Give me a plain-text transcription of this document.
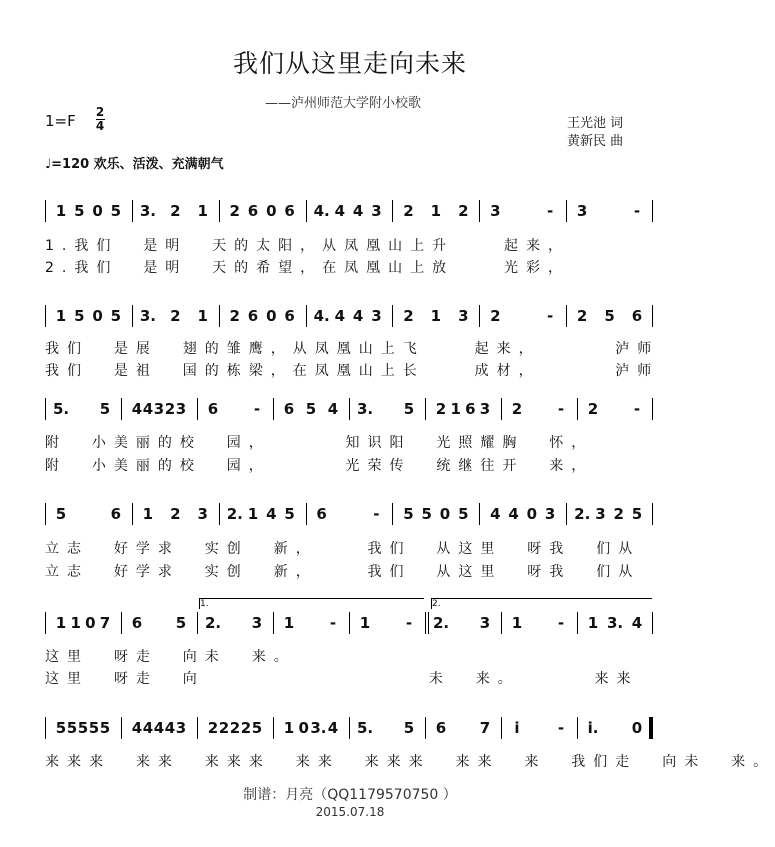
我们从这里走向未来
——泸州师范大学附小校歌
1=F 2
4	王光池 词
黄新民 曲
♩=120 欢乐、活泼、充满朝气
1 5 0 5 3. 2 1 2 6 0 6 4. 4 4 3 2 1 2 3	-	3	-
1.我们  是明  天的太阳，从凤凰山上升    起来，
2.我们  是明  天的希望，在凤凰山上放    光彩，
1 5 0 5 3. 2 1 2 6 0 6 4. 4 4 3 2 1 3 2	-	2 5 6
我们  是展  翅的雏鹰，从凤凰山上飞    起来，      泸师
我们  是祖  国的栋梁，在凤凰山上长    成材，      泸师
5. 5 4 4 3 2 3 6	-	6 5 4 3. 5 2 1 6 3 2	-	2	-
附  小美丽的校  园，      知识阳  光照耀胸  怀，
附  小美丽的校  园，      光荣传  统继往开  来，
5	6 1 2 3 2. 1 4 5 6	-	5 5 0 5 4 4 0 3 2. 3 2 5
立志  好学求  实创  新，    我们  从这里  呀我  们从
立志  好学求  实创  新，    我们  从这里  呀我  们从
1 1 0 7 6 5 2. 3 1	-	1	-	2. 3 1	-	1 3. 4
1.	2.
这里  呀走  向未  来。
这里  呀走  向                  未  来。      来来
5 5 5 5 5 4 4 4 4 3 2 2 2 2 5 1 0 3. 4 5. 5 6 7	i	-	i. 0
来来来  来来  来来来  来来  来来来  来来  来  我们走  向未  来。
制谱：月亮（QQ1179570750 ）
2015.07.18
